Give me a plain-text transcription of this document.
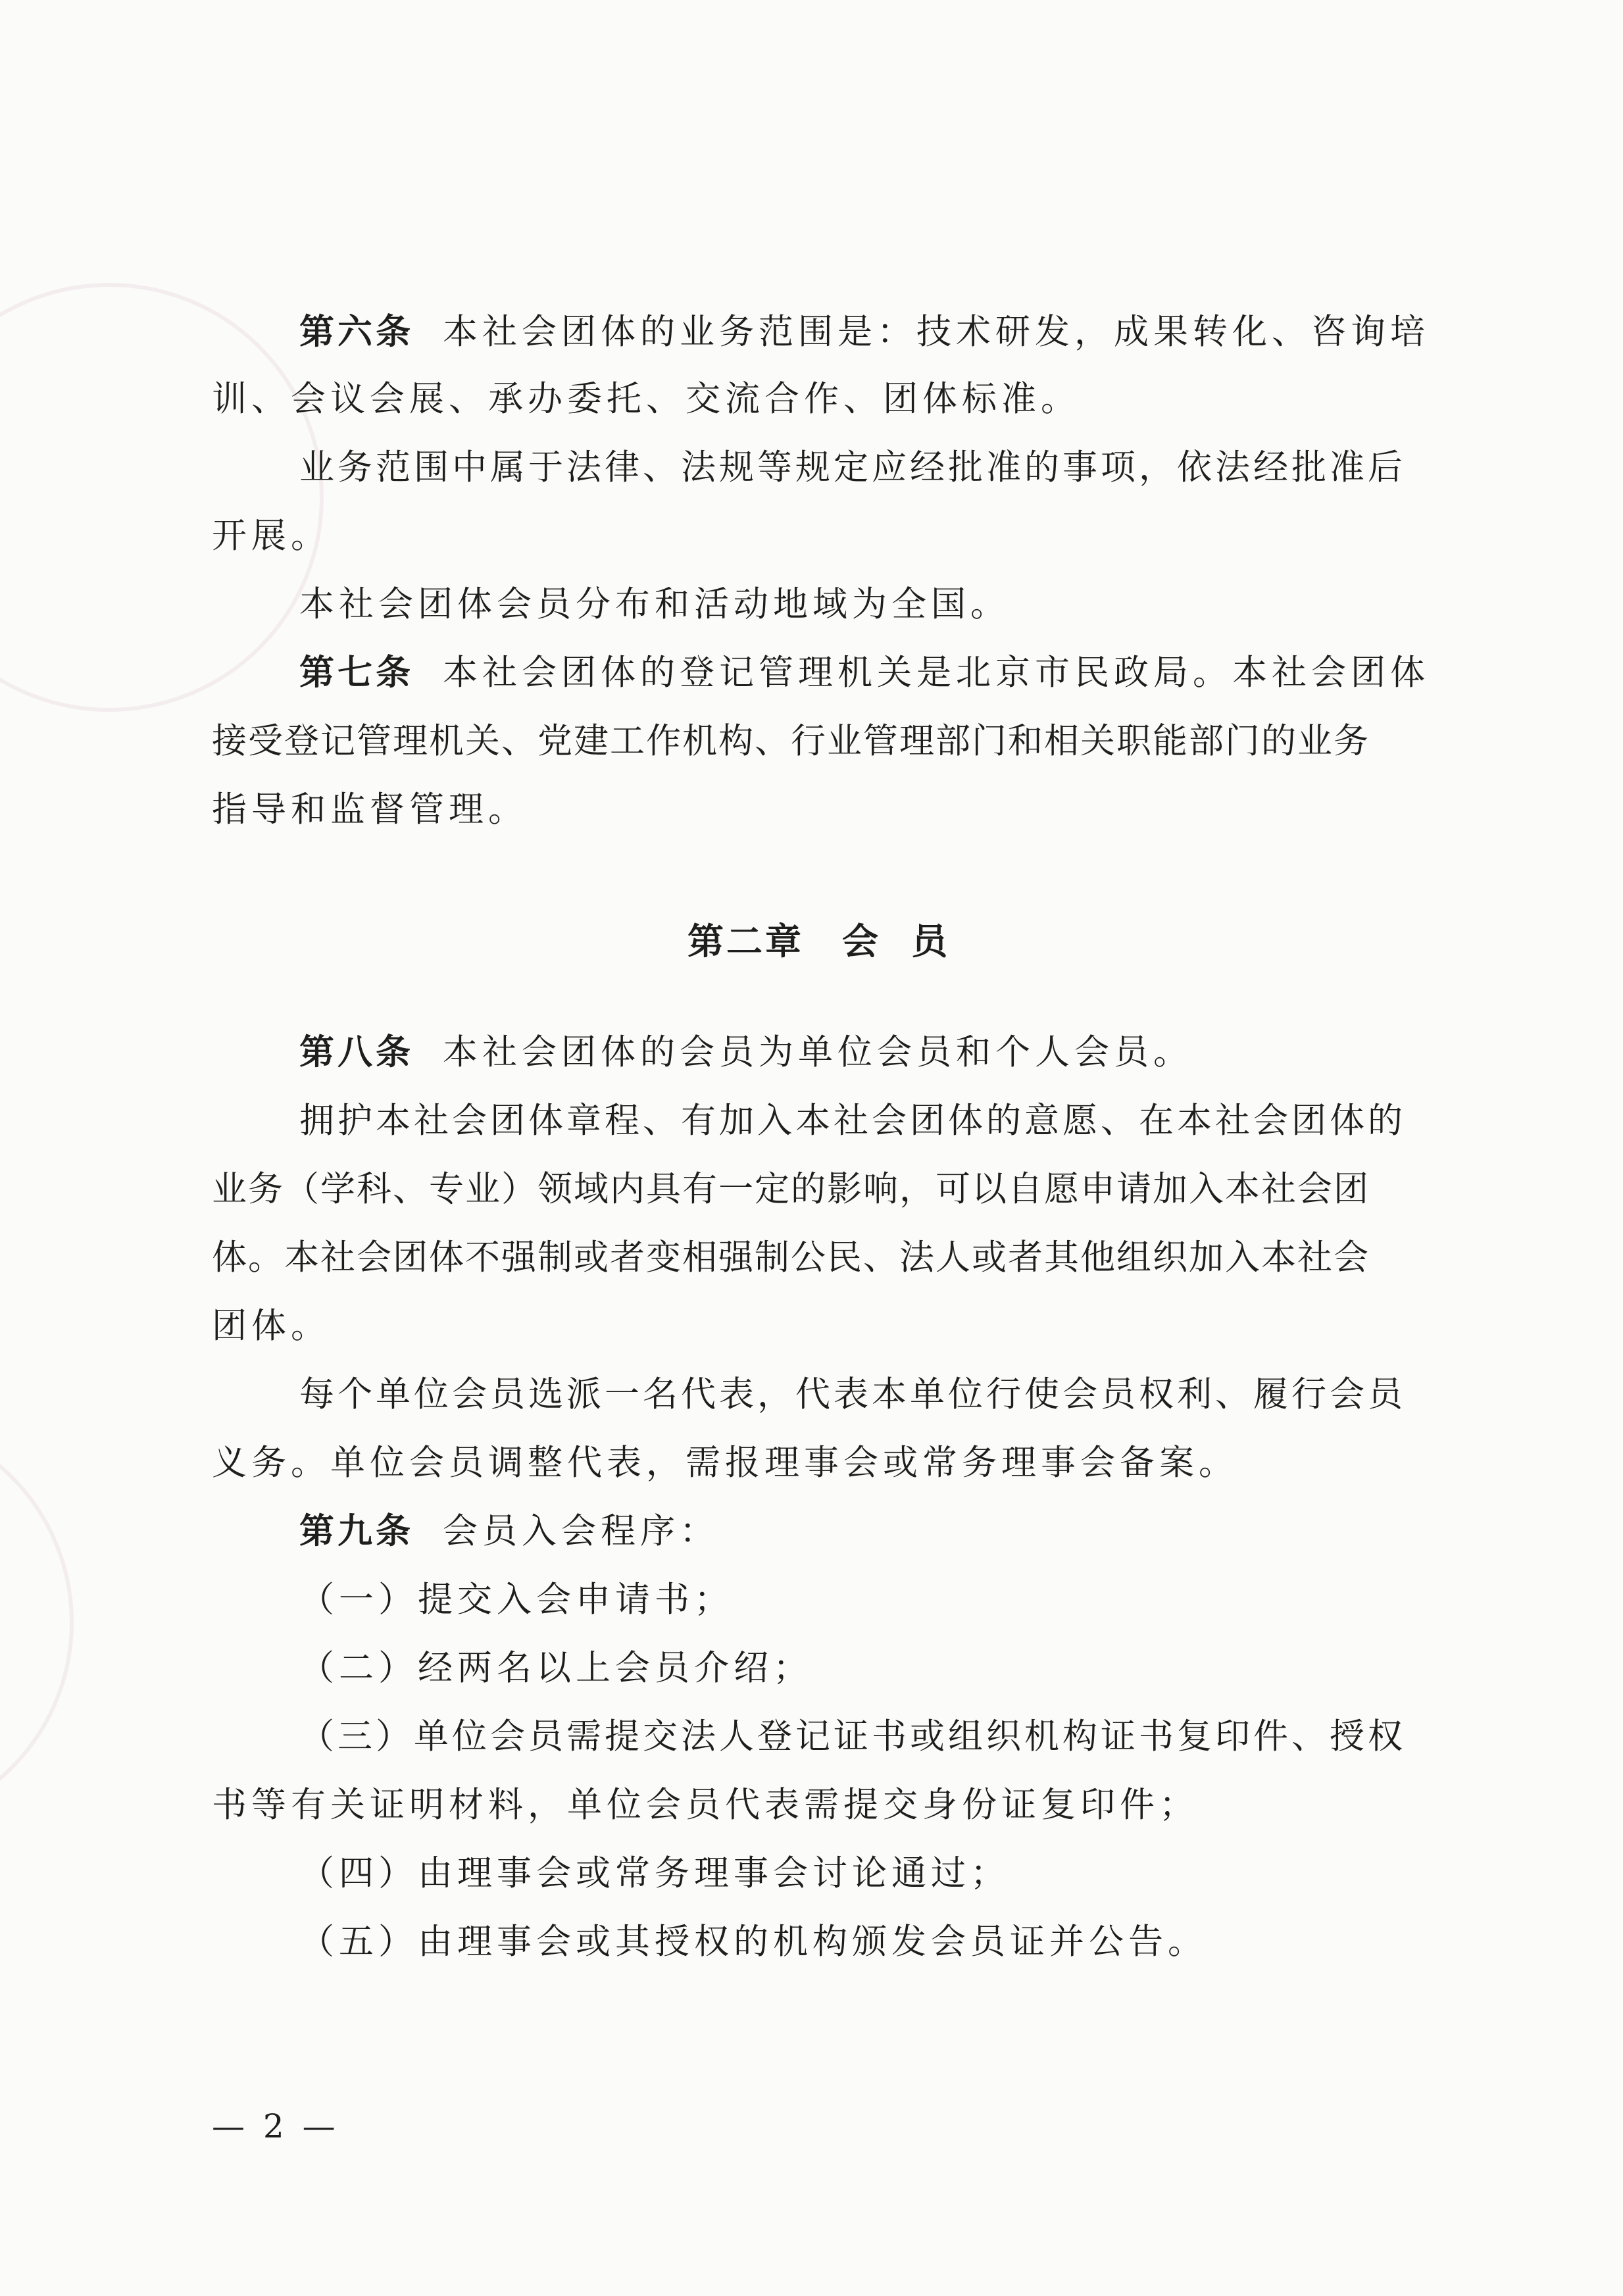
第六条 本社会团体的业务范围是：技术研发，成果转化、咨询培
训、会议会展、承办委托、交流合作、团体标准。
业务范围中属于法律、法规等规定应经批准的事项，依法经批准后
开展。
本社会团体会员分布和活动地域为全国。
第七条 本社会团体的登记管理机关是北京市民政局。本社会团体
接受登记管理机关、党建工作机构、行业管理部门和相关职能部门的业务
指导和监督管理。
第二章 会  员
第八条 本社会团体的会员为单位会员和个人会员。
拥护本社会团体章程、有加入本社会团体的意愿、在本社会团体的
业务（学科、专业）领域内具有一定的影响，可以自愿申请加入本社会团
体。本社会团体不强制或者变相强制公民、法人或者其他组织加入本社会
团体。
每个单位会员选派一名代表，代表本单位行使会员权利、履行会员
义务。单位会员调整代表，需报理事会或常务理事会备案。
第九条 会员入会程序：
（一）提交入会申请书；
（二）经两名以上会员介绍；
（三）单位会员需提交法人登记证书或组织机构证书复印件、授权
书等有关证明材料，单位会员代表需提交身份证复印件；
（四）由理事会或常务理事会讨论通过；
（五）由理事会或其授权的机构颁发会员证并公告。
— 2 —
